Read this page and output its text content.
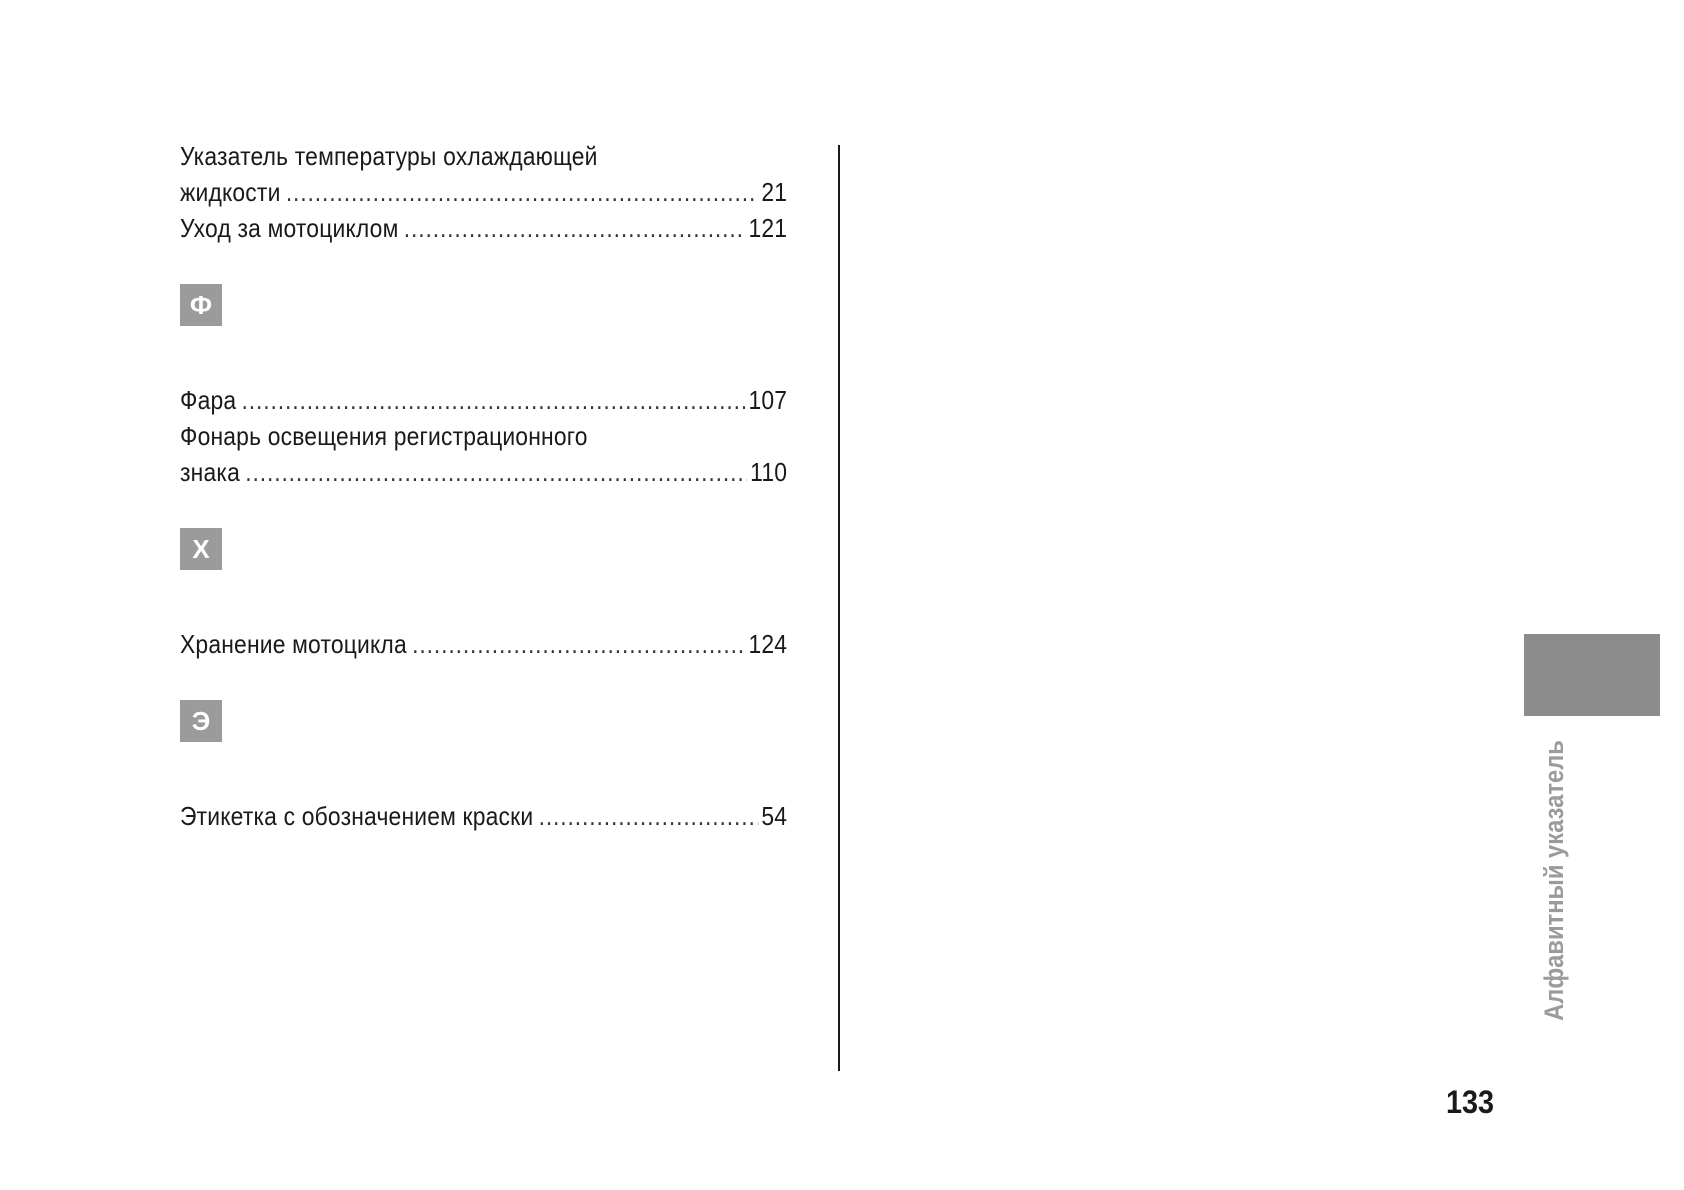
Указатель температуры охлаждающей
жидкости .....	21
Уход за мотоциклом .....	121
Ф
Фара .....	107
Фонарь освещения регистрационного
знака .....	110
Х
Хранение мотоцикла .....	124
Э
Этикетка с обозначением краски .....	54	Алфавитный указатель
133
